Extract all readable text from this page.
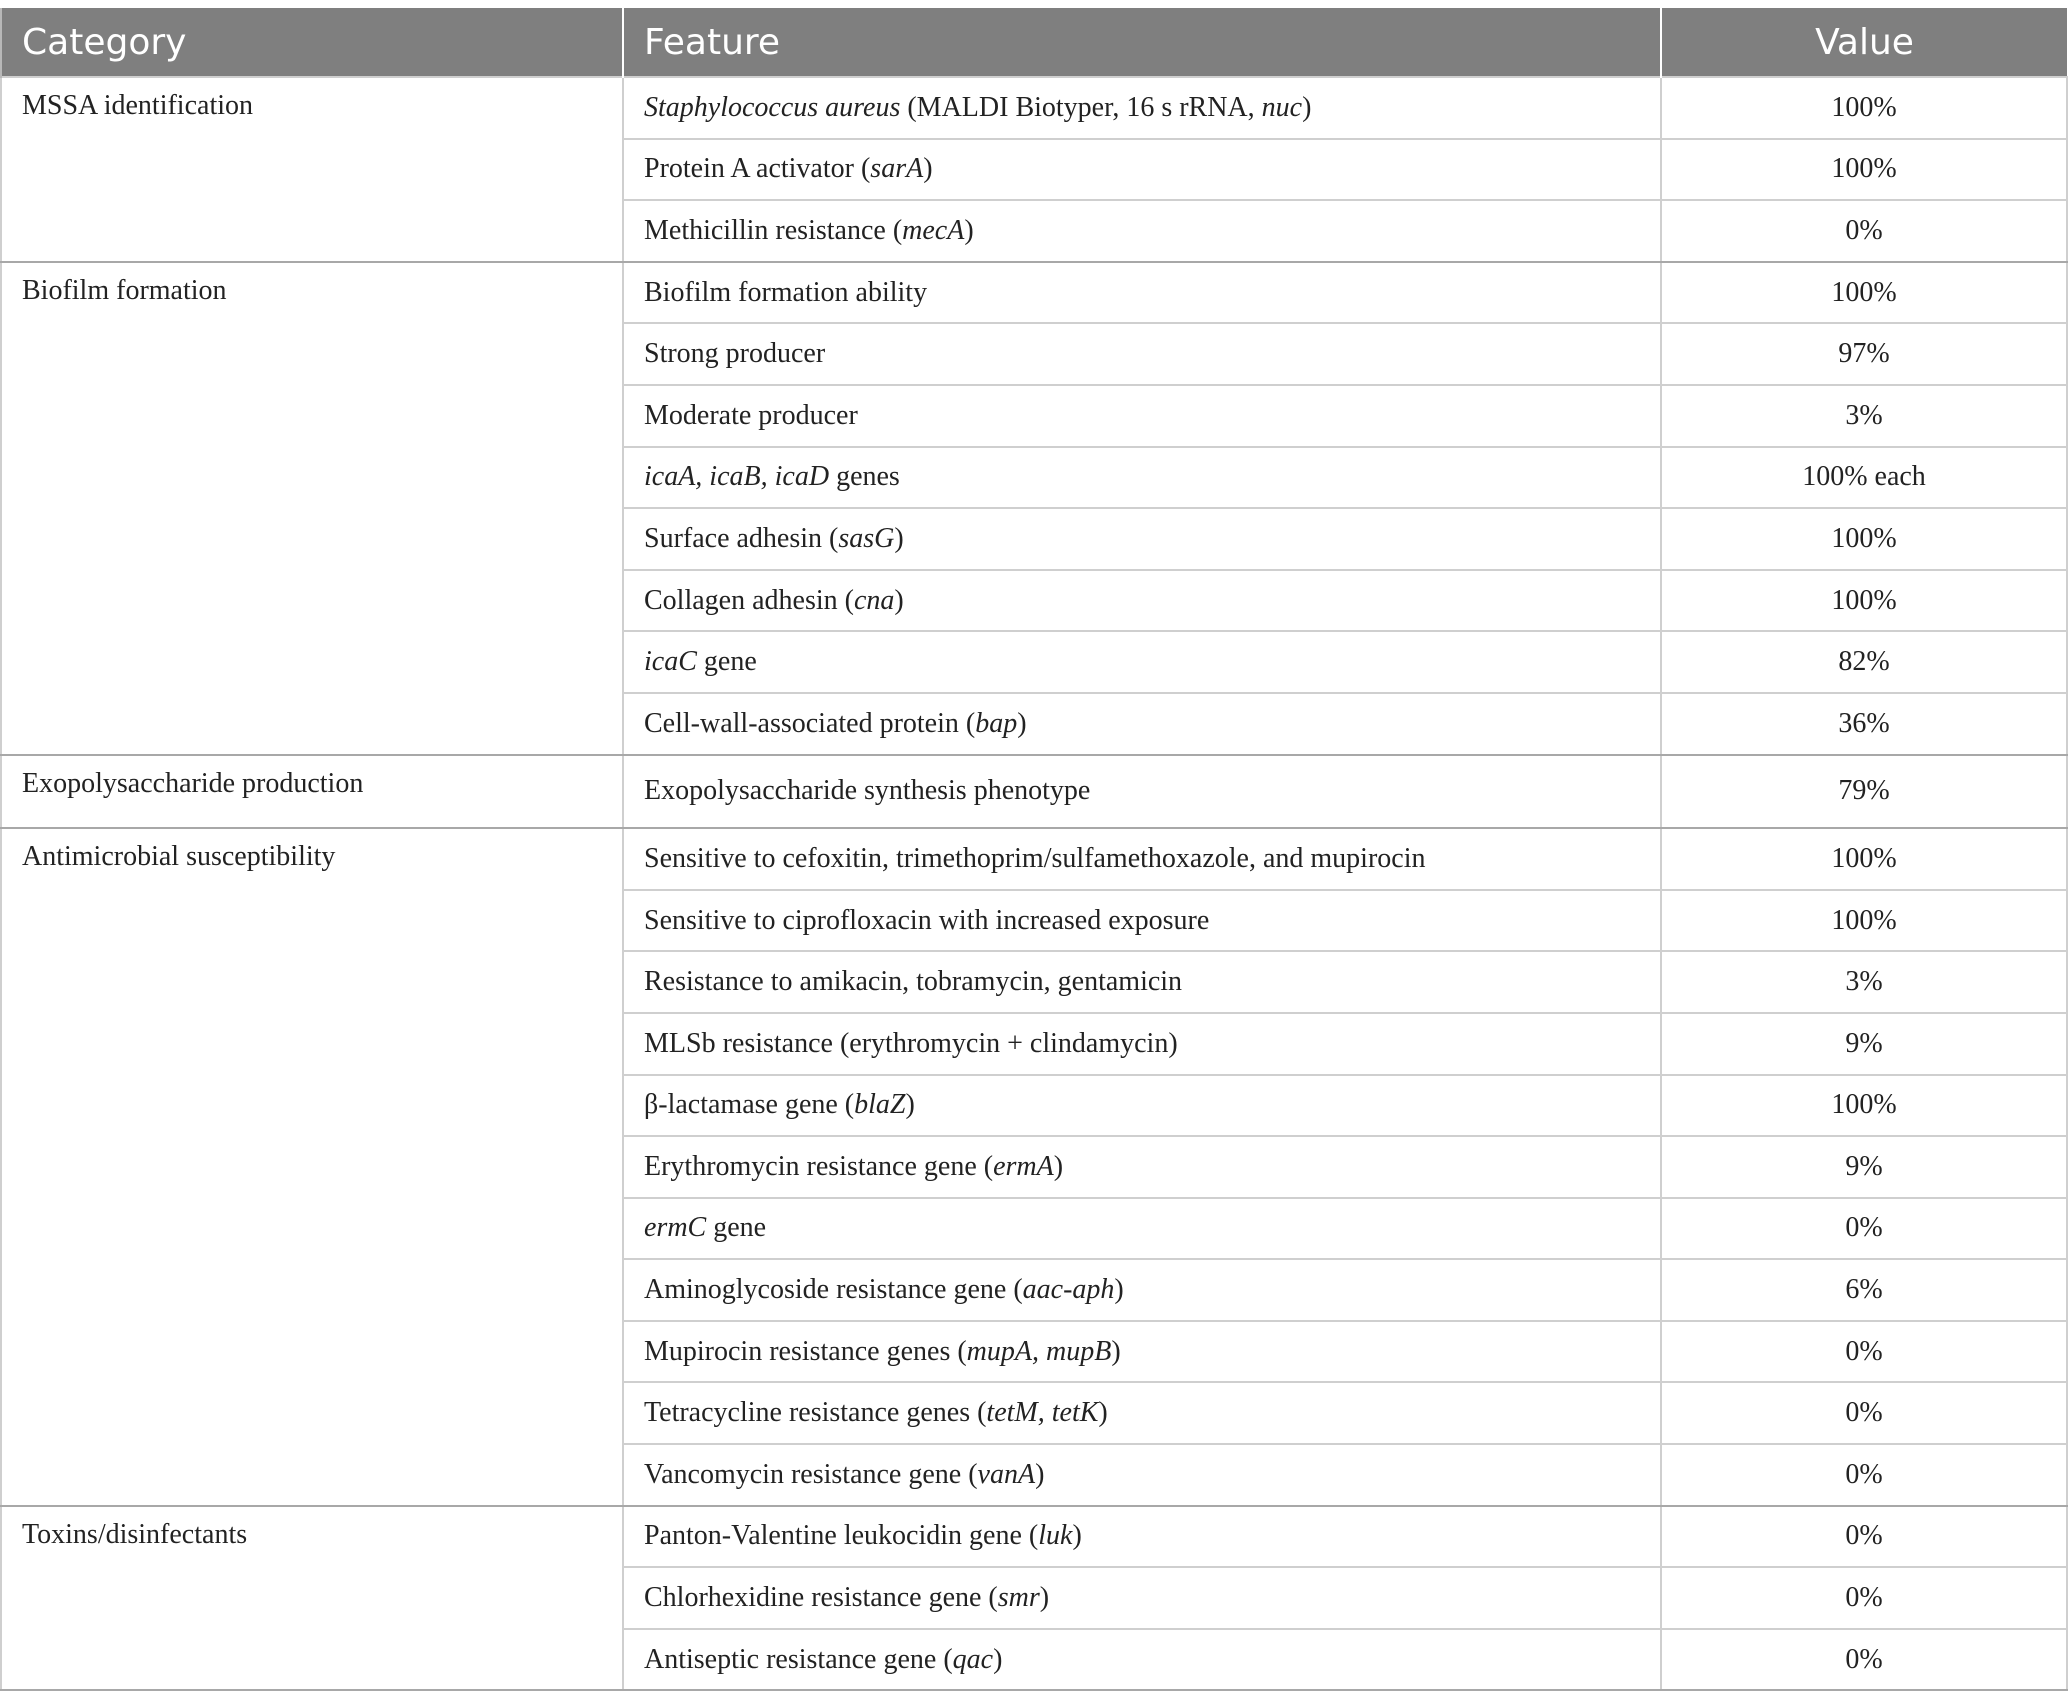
Category	Feature	Value
MSSA identification	Staphylococcus aureus (MALDI Biotyper, 16 s rRNA, nuc)	100%
	Protein A activator (sarA)	100%
	Methicillin resistance (mecA)	0%
Biofilm formation	Biofilm formation ability	100%
	Strong producer	97%
	Moderate producer	3%
	icaA, icaB, icaD genes	100% each
	Surface adhesin (sasG)	100%
	Collagen adhesin (cna)	100%
	icaC gene	82%
	Cell-wall-associated protein (bap)	36%
Exopolysaccharide production	Exopolysaccharide synthesis phenotype	79%
Antimicrobial susceptibility	Sensitive to cefoxitin, trimethoprim/sulfamethoxazole, and mupirocin	100%
	Sensitive to ciprofloxacin with increased exposure	100%
	Resistance to amikacin, tobramycin, gentamicin	3%
	MLSb resistance (erythromycin + clindamycin)	9%
	β-lactamase gene (blaZ)	100%
	Erythromycin resistance gene (ermA)	9%
	ermC gene	0%
	Aminoglycoside resistance gene (aac-aph)	6%
	Mupirocin resistance genes (mupA, mupB)	0%
	Tetracycline resistance genes (tetM, tetK)	0%
	Vancomycin resistance gene (vanA)	0%
Toxins/disinfectants	Panton-Valentine leukocidin gene (luk)	0%
	Chlorhexidine resistance gene (smr)	0%
	Antiseptic resistance gene (qac)	0%
